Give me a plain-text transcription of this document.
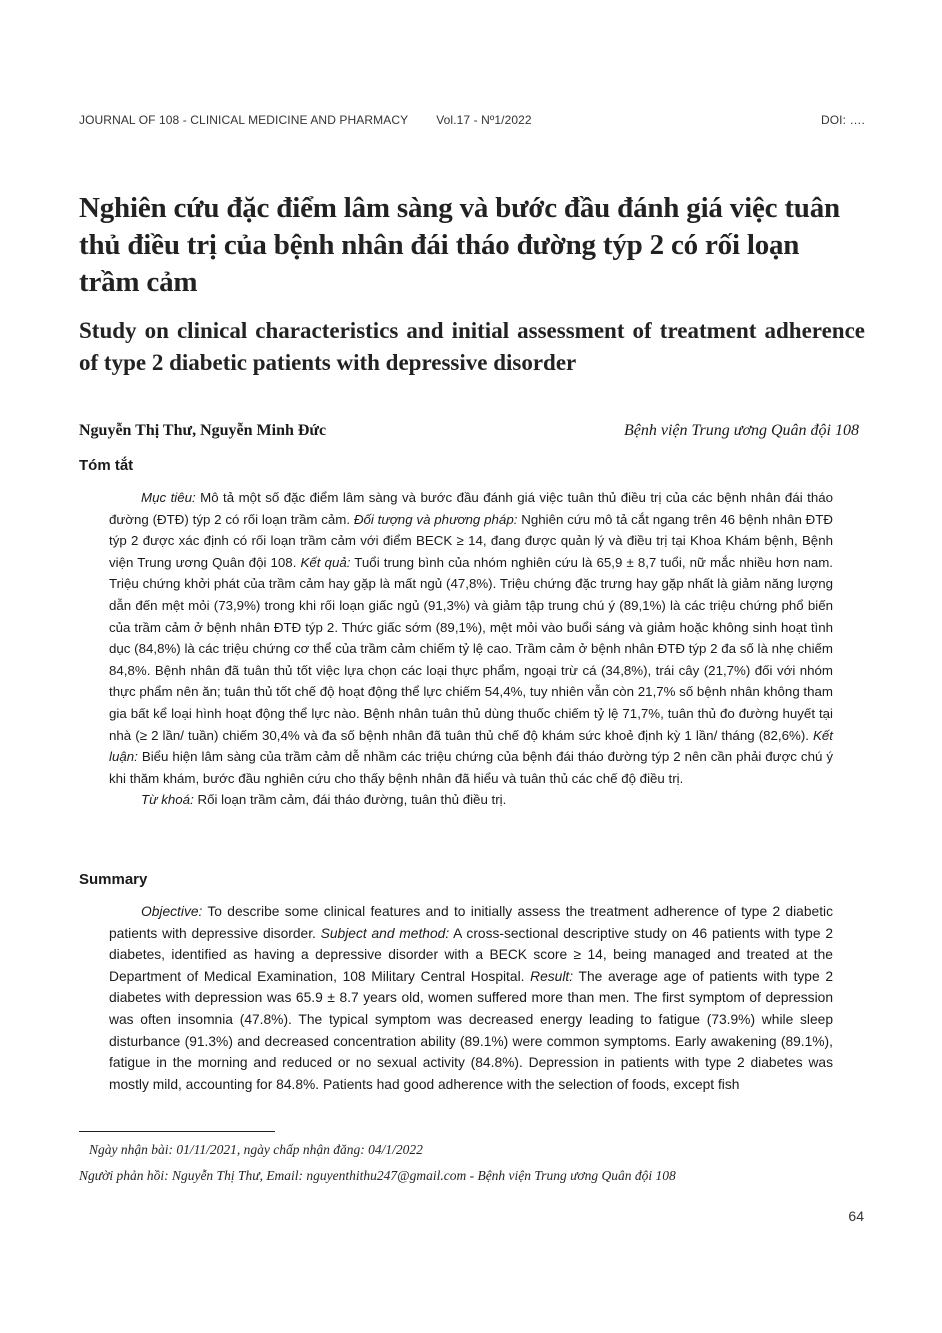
JOURNAL OF 108 - CLINICAL MEDICINE AND PHARMACY Vol.17 - Nº1/2022	DOI: ….
Nghiên cứu đặc điểm lâm sàng và bước đầu đánh giá việc tuân thủ điều trị của bệnh nhân đái tháo đường týp 2 có rối loạn trầm cảm
Study on clinical characteristics and initial assessment of treatment adherence of type 2 diabetic patients with depressive disorder
Nguyễn Thị Thư, Nguyễn Minh Đức	Bệnh viện Trung ương Quân đội 108
Tóm tắt

Mục tiêu: Mô tả một số đặc điểm lâm sàng và bước đầu đánh giá việc tuân thủ điều trị của các bệnh nhân đái tháo đường (ĐTĐ) týp 2 có rối loạn trầm cảm. Đối tượng và phương pháp: Nghiên cứu mô tả cắt ngang trên 46 bệnh nhân ĐTĐ týp 2 được xác định có rối loạn trầm cảm với điểm BECK ≥ 14, đang được quản lý và điều trị tại Khoa Khám bệnh, Bệnh viện Trung ương Quân đội 108. Kết quả: Tuổi trung bình của nhóm nghiên cứu là 65,9 ± 8,7 tuổi, nữ mắc nhiều hơn nam. Triệu chứng khởi phát của trầm cảm hay gặp là mất ngủ (47,8%). Triệu chứng đặc trưng hay gặp nhất là giảm năng lượng dẫn đến mệt mỏi (73,9%) trong khi rối loạn giấc ngủ (91,3%) và giảm tập trung chú ý (89,1%) là các triệu chứng phổ biến của trầm cảm ở bệnh nhân ĐTĐ týp 2. Thức giấc sớm (89,1%), mệt mỏi vào buổi sáng và giảm hoặc không sinh hoạt tình dục (84,8%) là các triệu chứng cơ thể của trầm cảm chiếm tỷ lệ cao. Trầm cảm ở bệnh nhân ĐTĐ týp 2 đa số là nhẹ chiếm 84,8%. Bệnh nhân đã tuân thủ tốt việc lựa chọn các loại thực phẩm, ngoại trừ cá (34,8%), trái cây (21,7%) đối với nhóm thực phẩm nên ăn; tuân thủ tốt chế độ hoạt động thể lực chiếm 54,4%, tuy nhiên vẫn còn 21,7% số bệnh nhân không tham gia bất kể loại hình hoạt động thể lực nào. Bệnh nhân tuân thủ dùng thuốc chiếm tỷ lệ 71,7%, tuân thủ đo đường huyết tại nhà (≥ 2 lần/ tuần) chiếm 30,4% và đa số bệnh nhân đã tuân thủ chế độ khám sức khoẻ định kỳ 1 lần/ tháng (82,6%). Kết luận: Biểu hiện lâm sàng của trầm cảm dễ nhầm các triệu chứng của bệnh đái tháo đường týp 2 nên cần phải được chú ý khi thăm khám, bước đầu nghiên cứu cho thấy bệnh nhân đã hiểu và tuân thủ các chế độ điều trị.

Từ khoá: Rối loạn trầm cảm, đái tháo đường, tuân thủ điều trị.

Summary

Objective: To describe some clinical features and to initially assess the treatment adherence of type 2 diabetic patients with depressive disorder. Subject and method: A cross-sectional descriptive study on 46 patients with type 2 diabetes, identified as having a depressive disorder with a BECK score ≥ 14, being managed and treated at the Department of Medical Examination, 108 Military Central Hospital. Result: The average age of patients with type 2 diabetes with depression was 65.9 ± 8.7 years old, women suffered more than men. The first symptom of depression was often insomnia (47.8%). The typical symptom was decreased energy leading to fatigue (73.9%) while sleep disturbance (91.3%) and decreased concentration ability (89.1%) were common symptoms. Early awakening (89.1%), fatigue in the morning and reduced or no sexual activity (84.8%). Depression in patients with type 2 diabetes was mostly mild, accounting for 84.8%. Patients had good adherence with the selection of foods, except fish

Ngày nhận bài: 01/11/2021, ngày chấp nhận đăng: 04/1/2022

Người phản hồi: Nguyễn Thị Thư, Email: nguyenthithu247@gmail.com - Bệnh viện Trung ương Quân đội 108

64
